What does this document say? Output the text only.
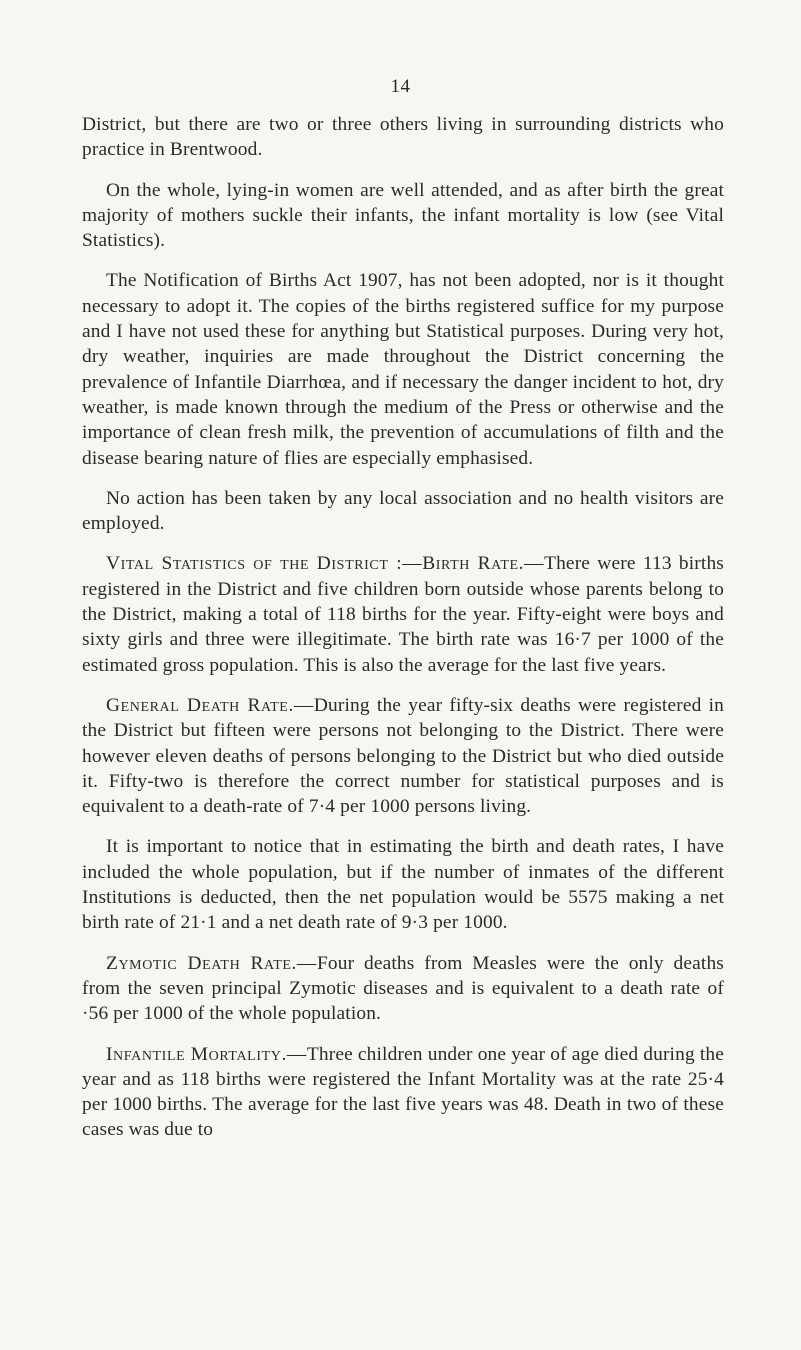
14

District, but there are two or three others living in surrounding districts who practice in Brentwood.

On the whole, lying-in women are well attended, and as after birth the great majority of mothers suckle their infants, the infant mortality is low (see Vital Statistics).

The Notification of Births Act 1907, has not been adopted, nor is it thought necessary to adopt it. The copies of the births registered suffice for my purpose and I have not used these for anything but Statistical purposes. During very hot, dry weather, inquiries are made throughout the District concerning the prevalence of Infantile Diarrhœa, and if necessary the danger incident to hot, dry weather, is made known through the medium of the Press or otherwise and the importance of clean fresh milk, the prevention of accumulations of filth and the disease bearing nature of flies are especially emphasised.

No action has been taken by any local association and no health visitors are employed.

Vital Statistics of the District :—Birth Rate.—There were 113 births registered in the District and five children born outside whose parents belong to the District, making a total of 118 births for the year. Fifty-eight were boys and sixty girls and three were illegitimate. The birth rate was 16·7 per 1000 of the estimated gross population. This is also the average for the last five years.

General Death Rate.—During the year fifty-six deaths were registered in the District but fifteen were persons not belonging to the District. There were however eleven deaths of persons belonging to the District but who died outside it. Fifty-two is therefore the correct number for statistical purposes and is equivalent to a death-rate of 7·4 per 1000 persons living.

It is important to notice that in estimating the birth and death rates, I have included the whole population, but if the number of inmates of the different Institutions is deducted, then the net population would be 5575 making a net birth rate of 21·1 and a net death rate of 9·3 per 1000.

Zymotic Death Rate.—Four deaths from Measles were the only deaths from the seven principal Zymotic diseases and is equivalent to a death rate of ·56 per 1000 of the whole population.

Infantile Mortality.—Three children under one year of age died during the year and as 118 births were registered the Infant Mortality was at the rate 25·4 per 1000 births. The average for the last five years was 48. Death in two of these cases was due to
